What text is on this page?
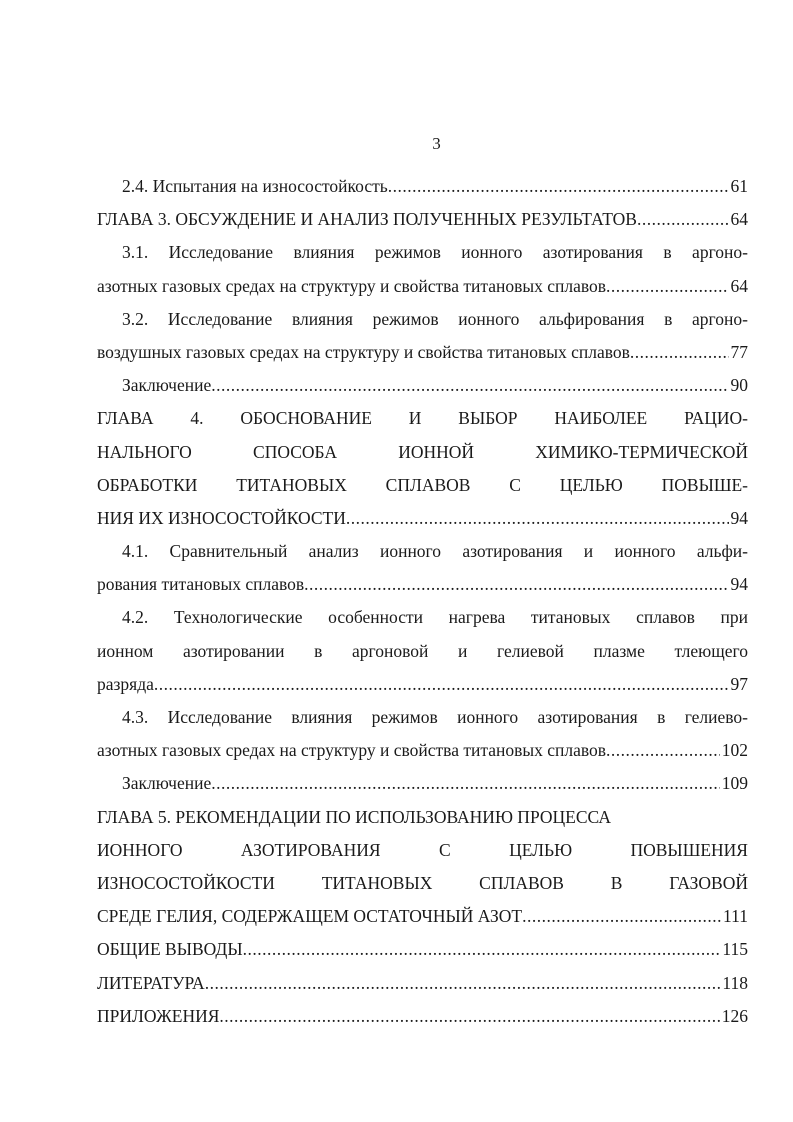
3
2.4. Испытания на износостойкость .....	61
ГЛАВА 3. ОБСУЖДЕНИЕ И АНАЛИЗ ПОЛУЧЕННЫХ РЕЗУЛЬТАТОВ .....	64
3.1. Исследование влияния режимов ионного азотирования в аргоно-
азотных газовых средах на структуру и свойства титановых сплавов .....	64
3.2. Исследование влияния режимов ионного альфирования в аргоно-
воздушных газовых средах на структуру и свойства титановых сплавов .....	77
Заключение .....	90
ГЛАВА 4. ОБОСНОВАНИЕ И ВЫБОР НАИБОЛЕЕ РАЦИО-
НАЛЬНОГО СПОСОБА ИОННОЙ ХИМИКО-ТЕРМИЧЕСКОЙ
ОБРАБОТКИ ТИТАНОВЫХ СПЛАВОВ С ЦЕЛЬЮ ПОВЫШЕ-
НИЯ ИХ ИЗНОСОСТОЙКОСТИ .....	94
4.1. Сравнительный анализ ионного азотирования и ионного альфи-
рования титановых сплавов .....	94
4.2. Технологические особенности нагрева титановых сплавов при
ионном азотировании в аргоновой и гелиевой плазме тлеющего
разряда .....	97
4.3. Исследование влияния режимов ионного азотирования в гелиево-
азотных газовых средах на структуру и свойства титановых сплавов .....	102
Заключение .....	109
ГЛАВА 5. РЕКОМЕНДАЦИИ ПО ИСПОЛЬЗОВАНИЮ ПРОЦЕССА
ИОННОГО АЗОТИРОВАНИЯ С ЦЕЛЬЮ ПОВЫШЕНИЯ
ИЗНОСОСТОЙКОСТИ ТИТАНОВЫХ СПЛАВОВ В ГАЗОВОЙ
СРЕДЕ ГЕЛИЯ, СОДЕРЖАЩЕМ ОСТАТОЧНЫЙ АЗОТ .....	111
ОБЩИЕ ВЫВОДЫ .....	115
ЛИТЕРАТУРА .....	118
ПРИЛОЖЕНИЯ .....	126
